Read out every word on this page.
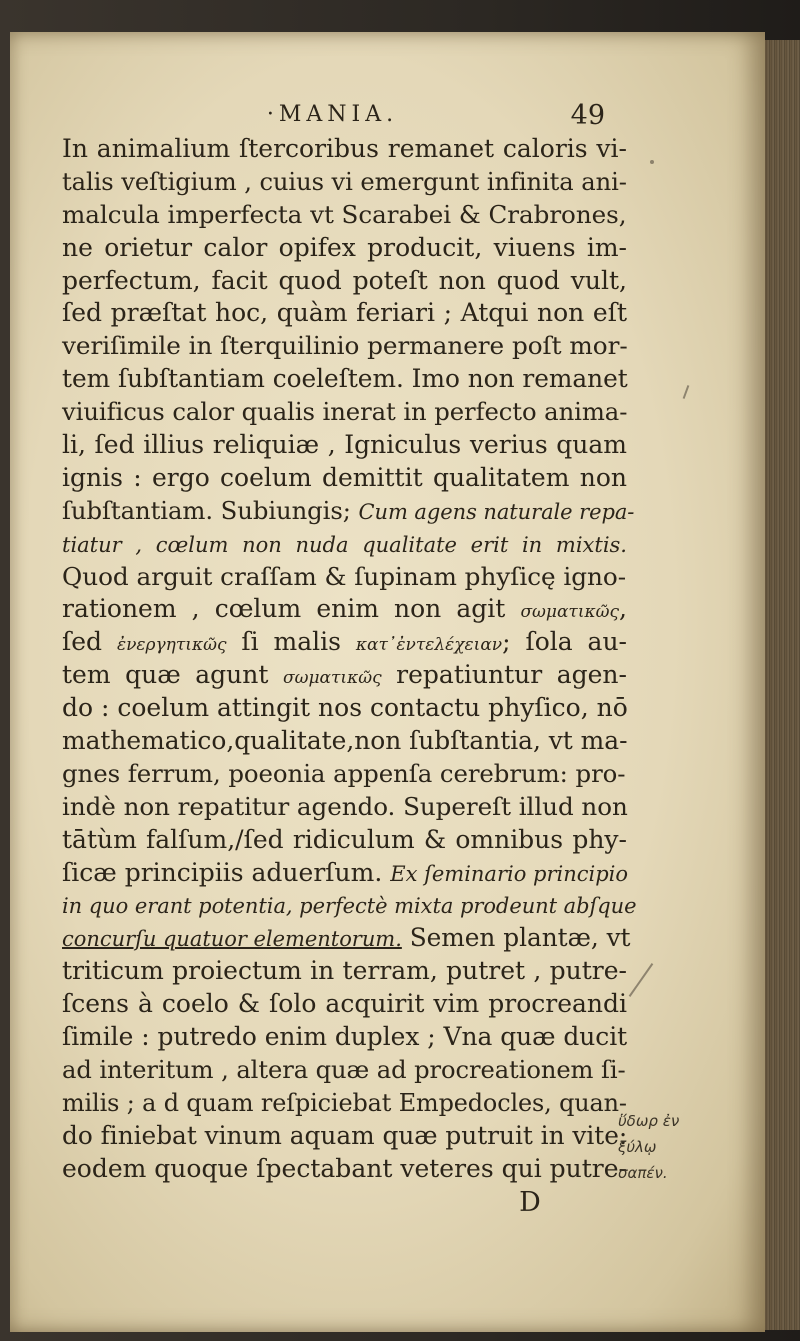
·MANIA.	49
In animalium ſtercoribus remanet caloris vi-
talis veſtigium , cuius vi emergunt infinita ani-
malcula imperfecta vt Scarabei & Crabrones,
ne orietur calor opifex producit, viuens im-
perfectum, facit quod poteſt non quod vult,
ſed præſtat hoc, quàm feriari ; Atqui non eſt
veriſimile in ſterquilinio permanere poſt mor-
tem ſubſtantiam coeleſtem. Imo non remanet
viuificus calor qualis inerat in perfecto anima-
li, ſed illius reliquiæ , Igniculus verius quam
ignis : ergo coelum demittit qualitatem non
ſubſtantiam. Subiungis; Cum agens naturale repa-
tiatur , cœlum non nuda qualitate erit in mixtis.
Quod arguit craſſam & ſupinam phyſicę igno-
rationem , cœlum enim non agit σωματικῶς,
ſed ἐνεργητικῶς ſi malis κατ᾽ἐντελέχειαν; ſola au-
tem quæ agunt σωματικῶς repatiuntur agen-
do : coelum attingit nos contactu phyſico, nō
mathematico,qualitate,non ſubſtantia, vt ma-
gnes ferrum, poeonia appenſa cerebrum: pro-
indè non repatitur agendo. Supereſt illud non
tātùm falſum,/ſed ridiculum & omnibus phy-
ſicæ principiis aduerſum. Ex ſeminario principio
in quo erant potentia, perfectè mixta prodeunt abſque
concurſu quatuor elementorum. Semen plantæ, vt
triticum proiectum in terram, putret , putre-
ſcens à coelo & ſolo acquirit vim procreandi
ſimile : putredo enim duplex ; Vna quæ ducit
ad interitum , altera quæ ad procreationem ſi-
milis ; a d quam reſpiciebat Empedocles, quan-
do finiebat vinum aquam quæ putruit in vite:
eodem quoque ſpectabant veteres qui putre-
D
ὕδωρ ἐν ξύλῳ
σαπέν.
